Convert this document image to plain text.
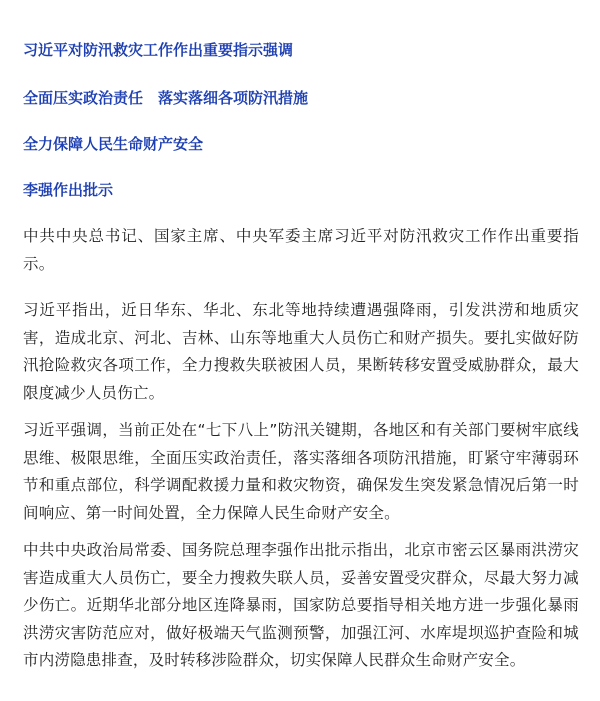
习近平对防汛救灾工作作出重要指示强调
全面压实政治责任　落实落细各项防汛措施
全力保障人民生命财产安全
李强作出批示

中共中央总书记、国家主席、中央军委主席习近平对防汛救灾工作作出重要指示。

习近平指出，近日华东、华北、东北等地持续遭遇强降雨，引发洪涝和地质灾害，造成北京、河北、吉林、山东等地重大人员伤亡和财产损失。要扎实做好防汛抢险救灾各项工作，全力搜救失联被困人员，果断转移安置受威胁群众，最大限度减少人员伤亡。

习近平强调，当前正处在“七下八上”防汛关键期，各地区和有关部门要树牢底线思维、极限思维，全面压实政治责任，落实落细各项防汛措施，盯紧守牢薄弱环节和重点部位，科学调配救援力量和救灾物资，确保发生突发紧急情况后第一时间响应、第一时间处置，全力保障人民生命财产安全。

中共中央政治局常委、国务院总理李强作出批示指出，北京市密云区暴雨洪涝灾害造成重大人员伤亡，要全力搜救失联人员，妥善安置受灾群众，尽最大努力减少伤亡。近期华北部分地区连降暴雨，国家防总要指导相关地方进一步强化暴雨洪涝灾害防范应对，做好极端天气监测预警，加强江河、水库堤坝巡护查险和城市内涝隐患排查，及时转移涉险群众，切实保障人民群众生命财产安全。
